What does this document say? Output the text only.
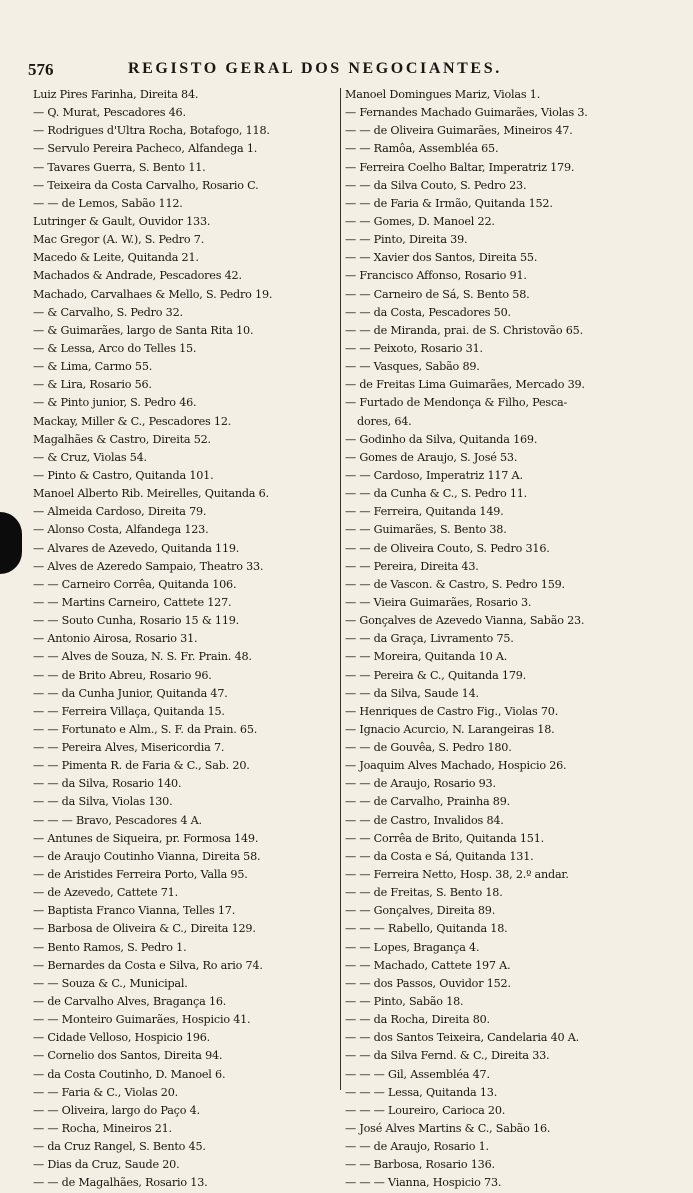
576	REGISTO GERAL DOS NEGOCIANTES.
Luiz Pires Farinha, Direita 84.
— Q. Murat, Pescadores 46.
— Rodrigues d'Ultra Rocha, Botafogo, 118.
— Servulo Pereira Pacheco, Alfandega 1.
— Tavares Guerra, S. Bento 11.
— Teixeira da Costa Carvalho, Rosario C.
— — de Lemos, Sabão 112.
Lutringer & Gault, Ouvidor 133.
Mac Gregor (A. W.), S. Pedro 7.
Macedo & Leite, Quitanda 21.
Machados & Andrade, Pescadores 42.
Machado, Carvalhaes & Mello, S. Pedro 19.
— & Carvalho, S. Pedro 32.
— & Guimarães, largo de Santa Rita 10.
— & Lessa, Arco do Telles 15.
— & Lima, Carmo 55.
— & Lira, Rosario 56.
— & Pinto junior, S. Pedro 46.
Mackay, Miller & C., Pescadores 12.
Magalhães & Castro, Direita 52.
— & Cruz, Violas 54.
— Pinto & Castro, Quitanda 101.
Manoel Alberto Rib. Meirelles, Quitanda 6.
— Almeida Cardoso, Direita 79.
— Alonso Costa, Alfandega 123.
— Alvares de Azevedo, Quitanda 119.
— Alves de Azeredo Sampaio, Theatro 33.
— — Carneiro Corrêa, Quitanda 106.
— — Martins Carneiro, Cattete 127.
— — Souto Cunha, Rosario 15 & 119.
— Antonio Airosa, Rosario 31.
— — Alves de Souza, N. S. Fr. Prain. 48.
— — de Brito Abreu, Rosario 96.
— — da Cunha Junior, Quitanda 47.
— — Ferreira Villaça, Quitanda 15.
— — Fortunato e Alm., S. F. da Prain. 65.
— — Pereira Alves, Misericordia 7.
— — Pimenta R. de Faria & C., Sab. 20.
— — da Silva, Rosario 140.
— — da Silva, Violas 130.
— — — Bravo, Pescadores 4 A.
— Antunes de Siqueira, pr. Formosa 149.
— de Araujo Coutinho Vianna, Direita 58.
— de Aristides Ferreira Porto, Valla 95.
— de Azevedo, Cattete 71.
— Baptista Franco Vianna, Telles 17.
— Barbosa de Oliveira & C., Direita 129.
— Bento Ramos, S. Pedro 1.
— Bernardes da Costa e Silva, Ro ario 74.
— — Souza & C., Municipal.
— de Carvalho Alves, Bragança 16.
— — Monteiro Guimarães, Hospicio 41.
— Cidade Velloso, Hospicio 196.
— Cornelio dos Santos, Direita 94.
— da Costa Coutinho, D. Manoel 6.
— — Faria & C., Violas 20.
— — Oliveira, largo do Paço 4.
— — Rocha, Mineiros 21.
— da Cruz Rangel, S. Bento 45.
— Dias da Cruz, Saude 20.
— — de Magalhães, Rosario 13.
Manoel Domingues Mariz, Violas 1.
— Fernandes Machado Guimarães, Violas 3.
— — de Oliveira Guimarães, Mineiros 47.
— — Ramôa, Assembléa 65.
— Ferreira Coelho Baltar, Imperatriz 179.
— — da Silva Couto, S. Pedro 23.
— — de Faria & Irmão, Quitanda 152.
— — Gomes, D. Manoel 22.
— — Pinto, Direita 39.
— — Xavier dos Santos, Direita 55.
— Francisco Affonso, Rosario 91.
— — Carneiro de Sá, S. Bento 58.
— — da Costa, Pescadores 50.
— — de Miranda, prai. de S. Christovão 65.
— — Peixoto, Rosario 31.
— — Vasques, Sabão 89.
— de Freitas Lima Guimarães, Mercado 39.
— Furtado de Mendonça & Filho, Pesca-
dores, 64.
— Godinho da Silva, Quitanda 169.
— Gomes de Araujo, S. José 53.
— — Cardoso, Imperatriz 117 A.
— — da Cunha & C., S. Pedro 11.
— — Ferreira, Quitanda 149.
— — Guimarães, S. Bento 38.
— — de Oliveira Couto, S. Pedro 316.
— — Pereira, Direita 43.
— — de Vascon. & Castro, S. Pedro 159.
— — Vieira Guimarães, Rosario 3.
— Gonçalves de Azevedo Vianna, Sabão 23.
— — da Graça, Livramento 75.
— — Moreira, Quitanda 10 A.
— — Pereira & C., Quitanda 179.
— — da Silva, Saude 14.
— Henriques de Castro Fig., Violas 70.
— Ignacio Acurcio, N. Larangeiras 18.
— — de Gouvêa, S. Pedro 180.
— Joaquim Alves Machado, Hospicio 26.
— — de Araujo, Rosario 93.
— — de Carvalho, Prainha 89.
— — de Castro, Invalidos 84.
— — Corrêa de Brito, Quitanda 151.
— — da Costa e Sá, Quitanda 131.
— — Ferreira Netto, Hosp. 38, 2.º andar.
— — de Freitas, S. Bento 18.
— — Gonçalves, Direita 89.
— — — Rabello, Quitanda 18.
— — Lopes, Bragança 4.
— — Machado, Cattete 197 A.
— — dos Passos, Ouvidor 152.
— — Pinto, Sabão 18.
— — da Rocha, Direita 80.
— — dos Santos Teixeira, Candelaria 40 A.
— — da Silva Fernd. & C., Direita 33.
— — — Gil, Assembléa 47.
— — — Lessa, Quitanda 13.
— — — Loureiro, Carioca 20.
— José Alves Martins & C., Sabão 16.
— — de Araujo, Rosario 1.
— — Barbosa, Rosario 136.
— — — Vianna, Hospicio 73.
